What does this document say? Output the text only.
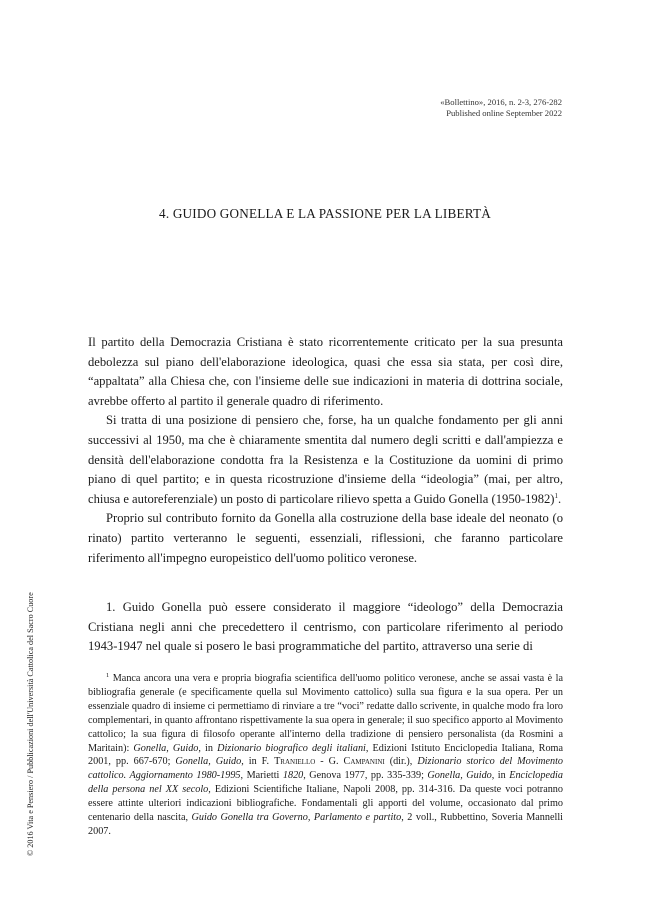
«Bollettino», 2016, n. 2-3, 276-282
Published online September 2022
4. GUIDO GONELLA E LA PASSIONE PER LA LIBERTÀ
© 2016 Vita e Pensiero / Pubblicazioni dell'Università Cattolica del Sacro Cuore

Il partito della Democrazia Cristiana è stato ricorrentemente criticato per la sua presunta debolezza sul piano dell'elaborazione ideologica, quasi che essa sia stata, per così dire, “appaltata” alla Chiesa che, con l'insieme delle sue indicazioni in materia di dottrina sociale, avrebbe offerto al partito il generale quadro di riferimento.

Si tratta di una posizione di pensiero che, forse, ha un qualche fondamento per gli anni successivi al 1950, ma che è chiaramente smentita dal numero degli scritti e dall'ampiezza e densità dell'elaborazione condotta fra la Resistenza e la Costituzione da uomini di primo piano di quel partito; e in questa ricostruzione d'insieme della “ideologia” (mai, per altro, chiusa e autoreferenziale) un posto di particolare rilievo spetta a Guido Gonella (1950-1982)$^1$.

Proprio sul contributo fornito da Gonella alla costruzione della base ideale del neonato (o rinato) partito verteranno le seguenti, essenziali, riflessioni, che faranno particolare riferimento all'impegno europeistico dell'uomo politico veronese.

1. Guido Gonella può essere considerato il maggiore “ideologo” della Democrazia Cristiana negli anni che precedettero il centrismo, con particolare riferimento al periodo 1943-1947 nel quale si posero le basi programmatiche del partito, attraverso una serie di

$^1$ Manca ancora una vera e propria biografia scientifica dell'uomo politico veronese, anche se assai vasta è la bibliografia generale (e specificamente quella sul Movimento cattolico) sulla sua figura e la sua opera. Per un essenziale quadro di insieme ci permettiamo di rinviare a tre “voci” redatte dallo scrivente, in qualche modo fra loro complementari, in quanto affrontano rispettivamente la sua opera in generale; il suo specifico apporto al Movimento cattolico; la sua figura di filosofo operante all'interno della tradizione di pensiero personalista (da Rosmini a Maritain): Gonella, Guido, in Dizionario biografico degli italiani, Edizioni Istituto Enciclopedia Italiana, Roma 2001, pp. 667-670; Gonella, Guido, in F. Traniello - G. Campanini (dir.), Dizionario storico del Movimento cattolico. Aggiornamento 1980-1995, Marietti 1820, Genova 1977, pp. 335-339; Gonella, Guido, in Enciclopedia della persona nel XX secolo, Edizioni Scientifiche Italiane, Napoli 2008, pp. 314-316. Da queste voci potranno essere attinte ulteriori indicazioni bibliografiche. Fondamentali gli apporti del volume, occasionato dal primo centenario della nascita, Guido Gonella tra Governo, Parlamento e partito, 2 voll., Rubbettino, Soveria Mannelli 2007.
